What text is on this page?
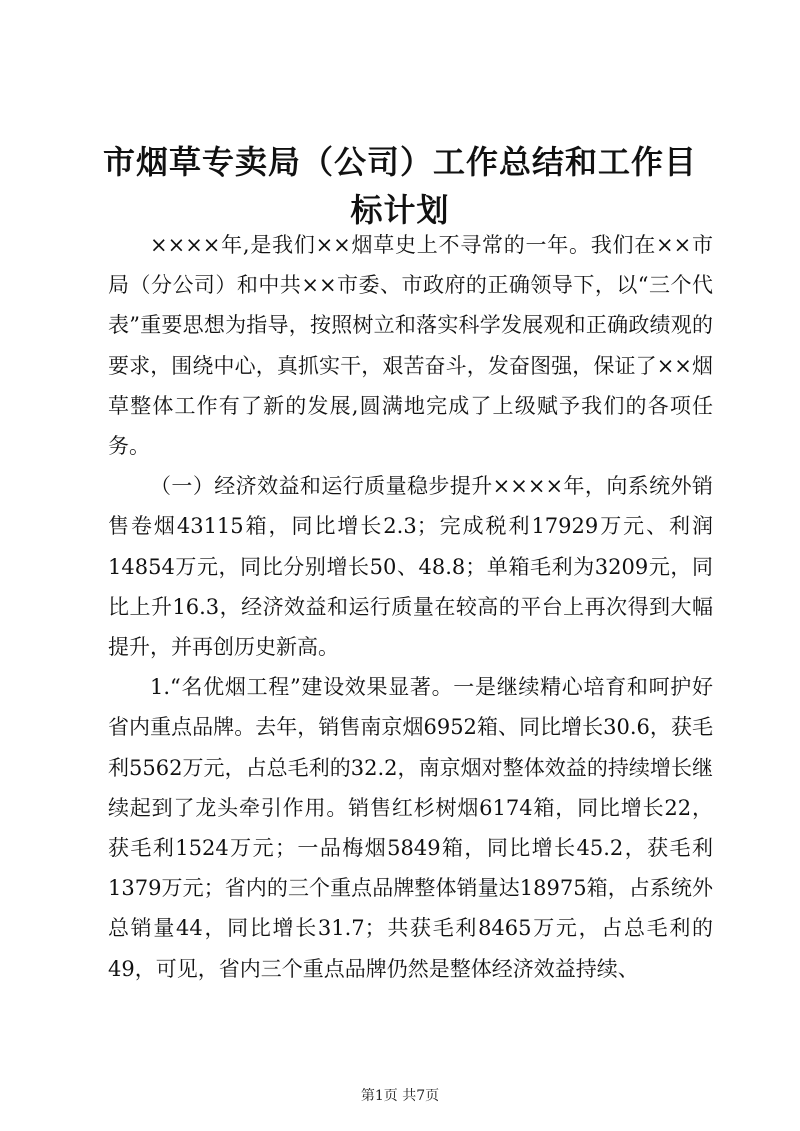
市烟草专卖局（公司）工作总结和工作目标计划

××××年,是我们××烟草史上不寻常的一年。我们在××市局（分公司）和中共××市委、市政府的正确领导下，以“三个代表”重要思想为指导，按照树立和落实科学发展观和正确政绩观的要求，围绕中心，真抓实干，艰苦奋斗，发奋图强，保证了××烟草整体工作有了新的发展,圆满地完成了上级赋予我们的各项任务。

（一）经济效益和运行质量稳步提升××××年，向系统外销售卷烟43115箱，同比增长2.3；完成税利17929万元、利润14854万元，同比分别增长50、48.8；单箱毛利为3209元，同比上升16.3，经济效益和运行质量在较高的平台上再次得到大幅提升，并再创历史新高。

1.“名优烟工程”建设效果显著。一是继续精心培育和呵护好省内重点品牌。去年，销售南京烟6952箱、同比增长30.6，获毛利5562万元，占总毛利的32.2，南京烟对整体效益的持续增长继续起到了龙头牵引作用。销售红杉树烟6174箱，同比增长22，获毛利1524万元；一品梅烟5849箱，同比增长45.2，获毛利1379万元；省内的三个重点品牌整体销量达18975箱，占系统外总销量44，同比增长31.7；共获毛利8465万元，占总毛利的49，可见，省内三个重点品牌仍然是整体经济效益持续、

第1页 共7页
